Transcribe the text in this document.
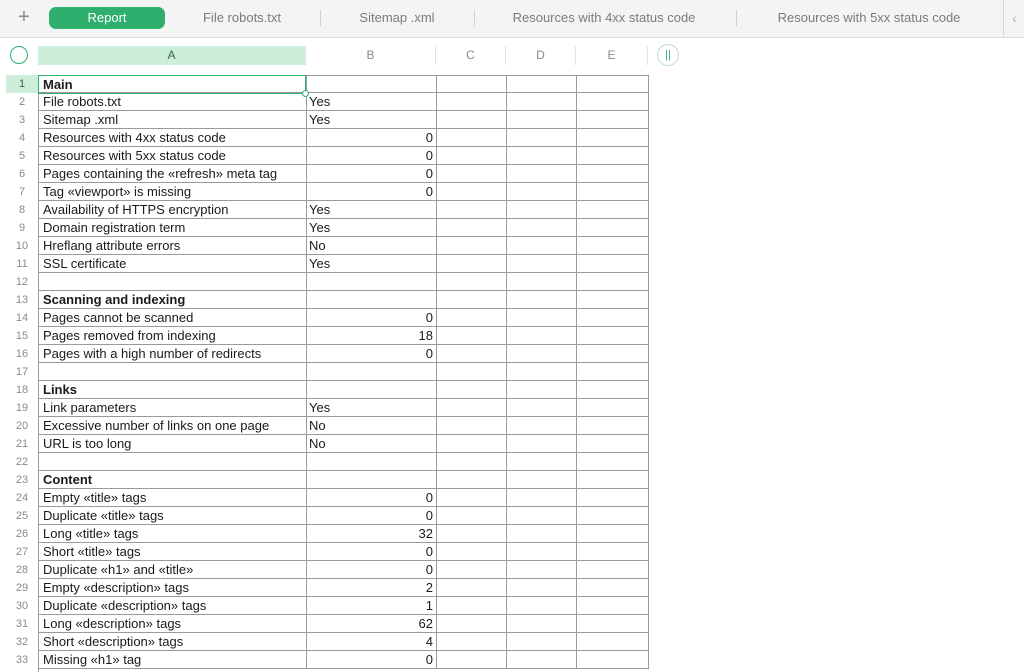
+	Report	File robots.txt	Sitemap .xml	Resources with 4xx status code	Resources with 5xx status code	‹
A	B	C	D	E	||
1
2
3
4
5
6
7
8
9
10
11
12
13
14
15
16
17
18
19
20
21
22
23
24
25
26
27
28
29
30
31
32
33
Main
File robots.txt	Yes
Sitemap .xml	Yes
Resources with 4xx status code	0
Resources with 5xx status code	0
Pages containing the «refresh» meta tag	0
Tag «viewport» is missing	0
Availability of HTTPS encryption	Yes
Domain registration term	Yes
Hreflang attribute errors	No
SSL certificate	Yes
Scanning and indexing
Pages cannot be scanned	0
Pages removed from indexing	18
Pages with a high number of redirects	0
Links
Link parameters	Yes
Excessive number of links on one page	No
URL is too long	No
Content
Empty «title» tags	0
Duplicate «title» tags	0
Long «title» tags	32
Short «title» tags	0
Duplicate «h1» and «title»	0
Empty «description» tags	2
Duplicate «description» tags	1
Long «description» tags	62
Short «description» tags	4
Missing «h1» tag	0
